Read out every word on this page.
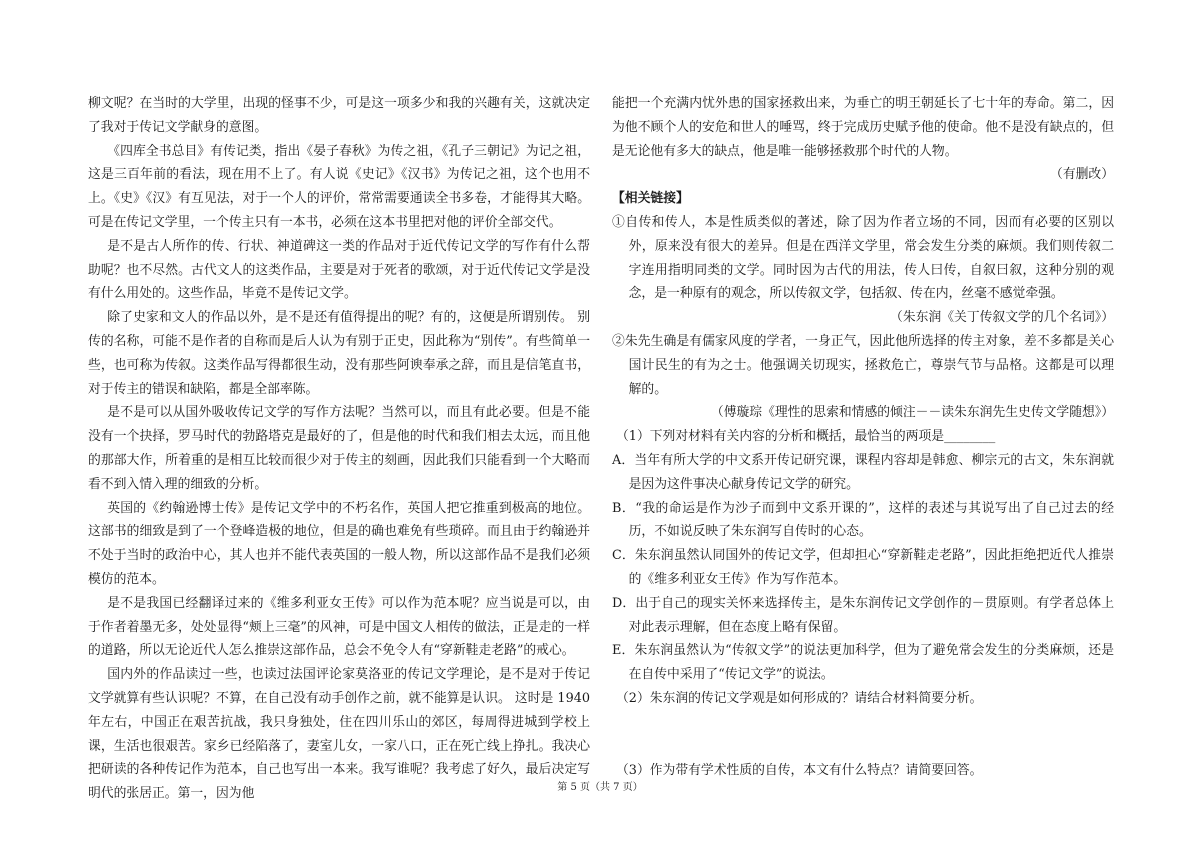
柳文呢？在当时的大学里，出现的怪事不少，可是这一项多少和我的兴趣有关，这就决定了我对于传记文学献身的意图。

《四库全书总目》有传记类，指出《晏子春秋》为传之祖，《孔子三朝记》为记之祖，这是三百年前的看法，现在用不上了。有人说《史记》《汉书》为传记之祖，这个也用不上。《史》《汉》有互见法，对于一个人的评价，常常需要通读全书多卷，才能得其大略。可是在传记文学里，一个传主只有一本书，必须在这本书里把对他的评价全部交代。

是不是古人所作的传、行状、神道碑这一类的作品对于近代传记文学的写作有什么帮助呢？也不尽然。古代文人的这类作品，主要是对于死者的歌颂，对于近代传记文学是没有什么用处的。这些作品，毕竟不是传记文学。

除了史家和文人的作品以外，是不是还有值得提出的呢？有的，这便是所谓别传。 别传的名称，可能不是作者的自称而是后人认为有别于正史，因此称为“别传”。有些简单一些，也可称为传叙。这类作品写得都很生动，没有那些阿谀奉承之辞，而且是信笔直书，对于传主的错误和缺陷，都是全部率陈。

是不是可以从国外吸收传记文学的写作方法呢？当然可以，而且有此必要。但是不能没有一个抉择，罗马时代的勃路塔克是最好的了，但是他的时代和我们相去太远，而且他的那部大作，所着重的是相互比较而很少对于传主的刻画，因此我们只能看到一个大略而看不到入情入理的细致的分析。

英国的《约翰逊博士传》是传记文学中的不朽名作，英国人把它推重到极高的地位。这部书的细致是到了一个登峰造极的地位，但是的确也难免有些琐碎。而且由于约翰逊并不处于当时的政治中心，其人也并不能代表英国的一般人物，所以这部作品不是我们必须模仿的范本。

是不是我国已经翻译过来的《维多利亚女王传》可以作为范本呢？应当说是可以，由于作者着墨无多，处处显得“颊上三毫”的风神，可是中国文人相传的做法，正是走的一样的道路，所以无论近代人怎么推崇这部作品，总会不免令人有“穿新鞋走老路”的戒心。

国内外的作品读过一些，也读过法国评论家莫洛亚的传记文学理论，是不是对于传记文学就算有些认识呢？不算，在自己没有动手创作之前，就不能算是认识。 这时是 1940 年左右，中国正在艰苦抗战，我只身独处，住在四川乐山的郊区，每周得进城到学校上课，生活也很艰苦。家乡已经陷落了，妻室儿女，一家八口，正在死亡线上挣扎。我决心把研读的各种传记作为范本，自己也写出一本来。我写谁呢？我考虑了好久，最后决定写明代的张居正。第一，因为他

能把一个充满内忧外患的国家拯救出来，为垂亡的明王朝延长了七十年的寿命。第二，因为他不顾个人的安危和世人的唾骂，终于完成历史赋予他的使命。他不是没有缺点的，但是无论他有多大的缺点，他是唯一能够拯救那个时代的人物。

（有删改）

【相关链接】

①自传和传人，本是性质类似的著述，除了因为作者立场的不同，因而有必要的区别以外，原来没有很大的差异。但是在西洋文学里，常会发生分类的麻烦。我们则传叙二字连用指明同类的文学。同时因为古代的用法，传人曰传，自叙曰叙，这种分别的观念，是一种原有的观念，所以传叙文学，包括叙、传在内，丝毫不感觉牵强。

（朱东润《关丁传叙文学的几个名词》）

②朱先生确是有儒家风度的学者，一身正气，因此他所选择的传主对象，差不多都是关心国计民生的有为之士。他强调关切现实，拯救危亡，尊崇气节与品格。这都是可以理解的。

（傅璇琮《理性的思索和情感的倾注－－读朱东润先生史传文学随想》）

（1）下列对材料有关内容的分析和概括，最恰当的两项是________

A．当年有所大学的中文系开传记研究课，课程内容却是韩愈、柳宗元的古文，朱东润就是因为这件事决心献身传记文学的研究。

B．“我的命运是作为沙子而到中文系开课的”，这样的表述与其说写出了自己过去的经历，不如说反映了朱东润写自传时的心态。

C．朱东润虽然认同国外的传记文学，但却担心“穿新鞋走老路”，因此拒绝把近代人推崇的《维多利亚女王传》作为写作范本。

D．出于自己的现实关怀来选择传主，是朱东润传记文学创作的－贯原则。有学者总体上对此表示理解，但在态度上略有保留。

E．朱东润虽然认为“传叙文学”的说法更加科学，但为了避免常会发生的分类麻烦，还是在自传中采用了“传记文学”的说法。

（2）朱东润的传记文学观是如何形成的？请结合材料简要分析。

（3）作为带有学术性质的自传，本文有什么特点？请简要回答。

第 5 页（共 7 页）
